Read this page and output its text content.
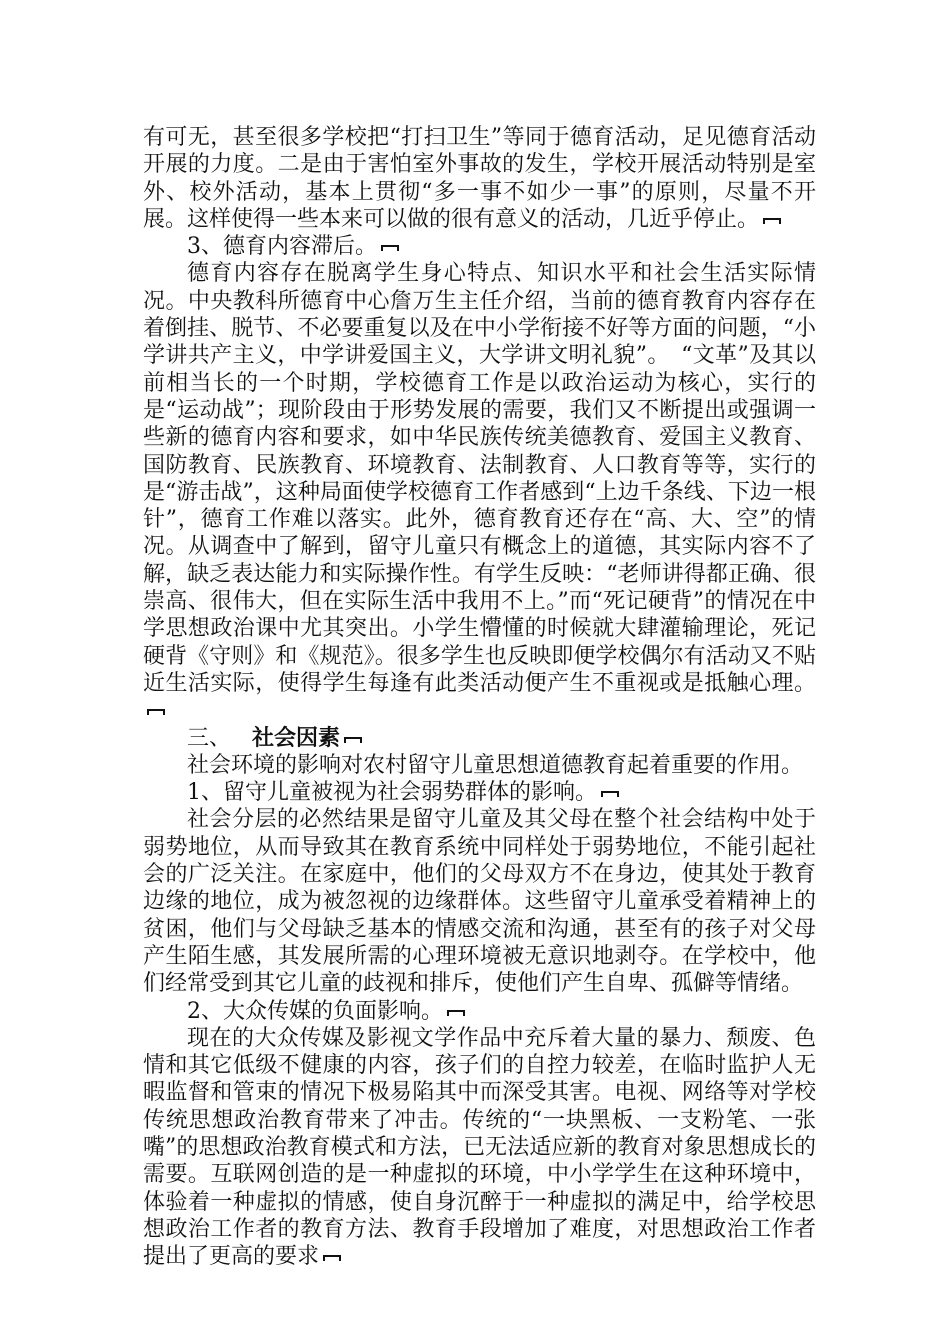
有可无，甚至很多学校把“打扫卫生”等同于德育活动，足见德育活动开展的力度。二是由于害怕室外事故的发生，学校开展活动特别是室外、校外活动，基本上贯彻“多一事不如少一事”的原则，尽量不开展。这样使得一些本来可以做的很有意义的活动，几近乎停止。

3、德育内容滞后。

德育内容存在脱离学生身心特点、知识水平和社会生活实际情况。中央教科所德育中心詹万生主任介绍，当前的德育教育内容存在着倒挂、脱节、不必要重复以及在中小学衔接不好等方面的问题，“小学讲共产主义，中学讲爱国主义，大学讲文明礼貌”。　“文革”及其以前相当长的一个时期，学校德育工作是以政治运动为核心，实行的是“运动战”；现阶段由于形势发展的需要，我们又不断提出或强调一些新的德育内容和要求，如中华民族传统美德教育、爱国主义教育、国防教育、民族教育、环境教育、法制教育、人口教育等等，实行的是“游击战”，这种局面使学校德育工作者感到“上边千条线、下边一根针”，德育工作难以落实。此外，德育教育还存在“高、大、空”的情况。从调查中了解到，留守儿童只有概念上的道德，其实际内容不了解，缺乏表达能力和实际操作性。有学生反映：“老师讲得都正确、很崇高、很伟大，但在实际生活中我用不上。”而“死记硬背”的情况在中学思想政治课中尤其突出。小学生懵懂的时候就大肆灌输理论，死记硬背《守则》和《规范》。很多学生也反映即便学校偶尔有活动又不贴近生活实际，使得学生每逢有此类活动便产生不重视或是抵触心理。

三、 社会因素

社会环境的影响对农村留守儿童思想道德教育起着重要的作用。

1、留守儿童被视为社会弱势群体的影响。

社会分层的必然结果是留守儿童及其父母在整个社会结构中处于弱势地位，从而导致其在教育系统中同样处于弱势地位，不能引起社会的广泛关注。在家庭中，他们的父母双方不在身边，使其处于教育边缘的地位，成为被忽视的边缘群体。这些留守儿童承受着精神上的贫困，他们与父母缺乏基本的情感交流和沟通，甚至有的孩子对父母产生陌生感，其发展所需的心理环境被无意识地剥夺。在学校中，他们经常受到其它儿童的歧视和排斥，使他们产生自卑、孤僻等情绪。

2、大众传媒的负面影响。

现在的大众传媒及影视文学作品中充斥着大量的暴力、颓废、色情和其它低级不健康的内容，孩子们的自控力较差，在临时监护人无暇监督和管束的情况下极易陷其中而深受其害。电视、网络等对学校传统思想政治教育带来了冲击。传统的“一块黑板、一支粉笔、一张嘴”的思想政治教育模式和方法，已无法适应新的教育对象思想成长的需要。互联网创造的是一种虚拟的环境，中小学学生在这种环境中，体验着一种虚拟的情感，使自身沉醉于一种虚拟的满足中，给学校思想政治工作者的教育方法、教育手段增加了难度，对思想政治工作者提出了更高的要求
